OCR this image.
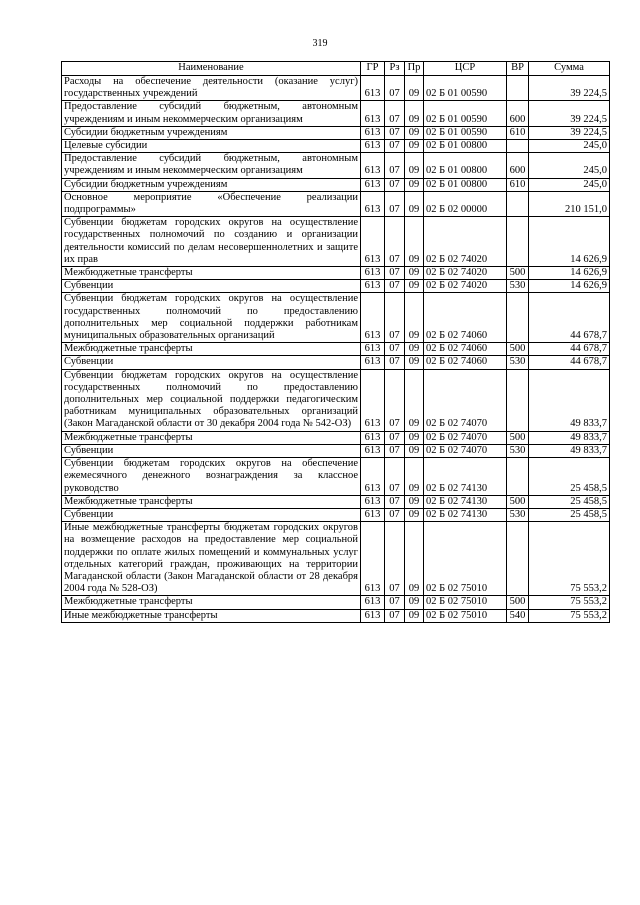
319
Наименование	ГР	Рз	Пр	ЦСР	ВР	Сумма
Расходы на обеспечение деятельности (оказание услуг) государственных учреждений	613	07	09	02 Б 01 00590		39 224,5
Предоставление субсидий бюджетным, автономным учреждениям и иным некоммерческим организациям	613	07	09	02 Б 01 00590	600	39 224,5
Субсидии бюджетным учреждениям	613	07	09	02 Б 01 00590	610	39 224,5
Целевые субсидии	613	07	09	02 Б 01 00800		245,0
Предоставление субсидий бюджетным, автономным учреждениям и иным некоммерческим организациям	613	07	09	02 Б 01 00800	600	245,0
Субсидии бюджетным учреждениям	613	07	09	02 Б 01 00800	610	245,0
Основное мероприятие «Обеспечение реализации подпрограммы»	613	07	09	02 Б 02 00000		210 151,0
Субвенции бюджетам городских округов на осуществление государственных полномочий по созданию и организации деятельности комиссий по делам несовершеннолетних и защите их прав	613	07	09	02 Б 02 74020		14 626,9
Межбюджетные трансферты	613	07	09	02 Б 02 74020	500	14 626,9
Субвенции	613	07	09	02 Б 02 74020	530	14 626,9
Субвенции бюджетам городских округов на осуществление государственных полномочий по предоставлению дополнительных мер социальной поддержки работникам муниципальных образовательных организаций	613	07	09	02 Б 02 74060		44 678,7
Межбюджетные трансферты	613	07	09	02 Б 02 74060	500	44 678,7
Субвенции	613	07	09	02 Б 02 74060	530	44 678,7
Субвенции бюджетам городских округов на осуществление государственных полномочий по предоставлению дополнительных мер социальной поддержки педагогическим работникам муниципальных образовательных организаций (Закон Магаданской области от 30 декабря 2004 года № 542-ОЗ)	613	07	09	02 Б 02 74070		49 833,7
Межбюджетные трансферты	613	07	09	02 Б 02 74070	500	49 833,7
Субвенции	613	07	09	02 Б 02 74070	530	49 833,7
Субвенции бюджетам городских округов на обеспечение ежемесячного денежного вознаграждения за классное руководство	613	07	09	02 Б 02 74130		25 458,5
Межбюджетные трансферты	613	07	09	02 Б 02 74130	500	25 458,5
Субвенции	613	07	09	02 Б 02 74130	530	25 458,5
Иные межбюджетные трансферты бюджетам городских округов на возмещение расходов на предоставление мер социальной поддержки по оплате жилых помещений и коммунальных услуг отдельных категорий граждан, проживающих на территории Магаданской области (Закон Магаданской области от 28 декабря 2004 года № 528-ОЗ)	613	07	09	02 Б 02 75010		75 553,2
Межбюджетные трансферты	613	07	09	02 Б 02 75010	500	75 553,2
Иные межбюджетные трансферты	613	07	09	02 Б 02 75010	540	75 553,2
